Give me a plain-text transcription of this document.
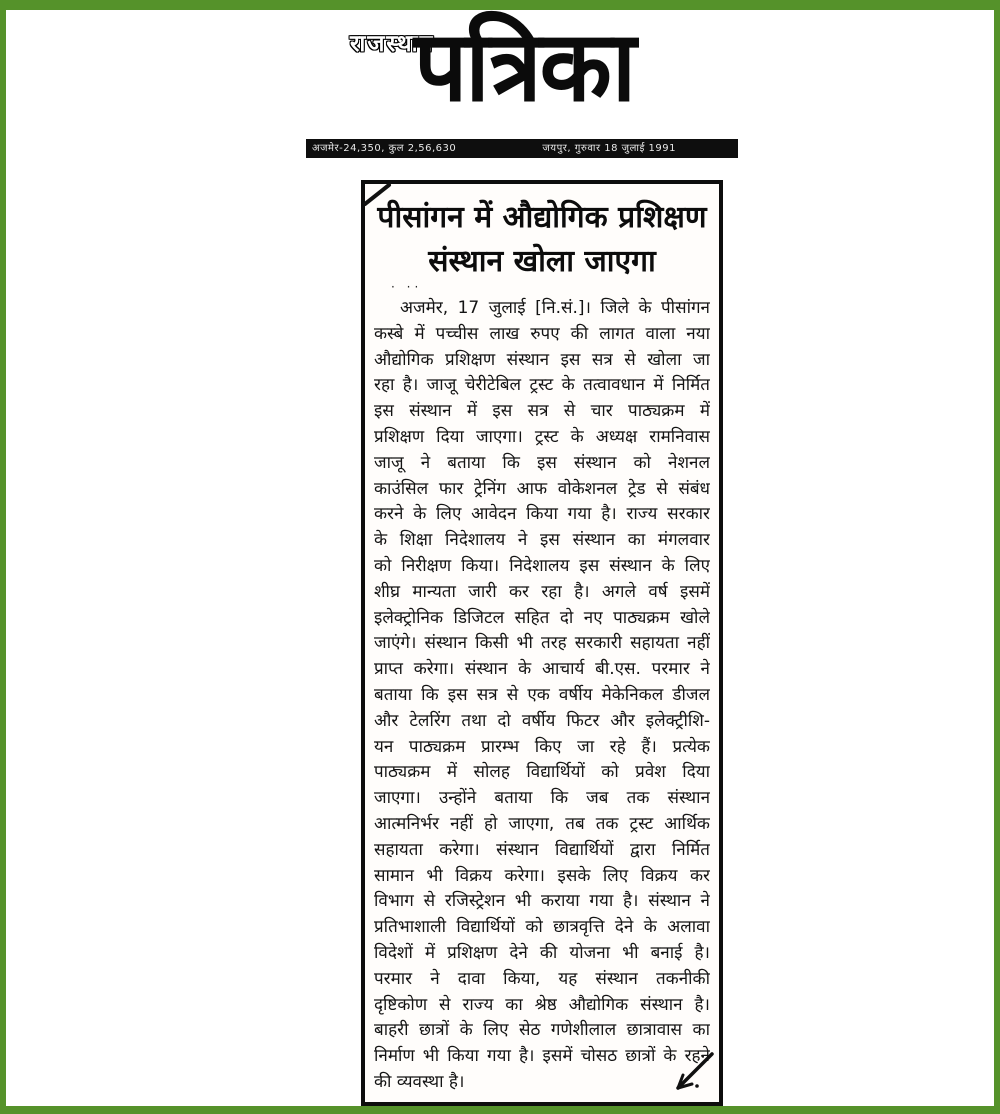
राजस्थान
पत्रिका
अजमेर-24,350, कुल 2,56,630	जयपुर, गुरुवार 18 जुलाई 1991
पीसांगन में औद्योगिक प्रशिक्षण
संस्थान खोला जाएगा
अजमेर, 17 जुलाई [नि.सं.]। जिले के पीसांगन
कस्बे में पच्चीस लाख रुपए की लागत वाला नया
औद्योगिक प्रशिक्षण संस्थान इस सत्र से खोला जा
रहा है। जाजू चेरीटेबिल ट्रस्ट के तत्वावधान में निर्मित
इस संस्थान में इस सत्र से चार पाठ्यक्रम में
प्रशिक्षण दिया जाएगा। ट्रस्ट के अध्यक्ष रामनिवास
जाजू ने बताया कि इस संस्थान को नेशनल
काउंसिल फार ट्रेनिंग आफ वोकेशनल ट्रेड से संबंध
करने के लिए आवेदन किया गया है। राज्य सरकार
के शिक्षा निदेशालय ने इस संस्थान का मंगलवार
को निरीक्षण किया। निदेशालय इस संस्थान के लिए
शीघ्र मान्यता जारी कर रहा है। अगले वर्ष इसमें
इलेक्ट्रोनिक डिजिटल सहित दो नए पाठ्यक्रम खोले
जाएंगे। संस्थान किसी भी तरह सरकारी सहायता नहीं
प्राप्त करेगा। संस्थान के आचार्य बी.एस. परमार ने
बताया कि इस सत्र से एक वर्षीय मेकेनिकल डीजल
और टेलरिंग तथा दो वर्षीय फिटर और इलेक्ट्रीशि-
यन पाठ्यक्रम प्रारम्भ किए जा रहे हैं। प्रत्येक
पाठ्यक्रम में सोलह विद्यार्थियों को प्रवेश दिया
जाएगा। उन्होंने बताया कि जब तक संस्थान
आत्मनिर्भर नहीं हो जाएगा, तब तक ट्रस्ट आर्थिक
सहायता करेगा। संस्थान विद्यार्थियों द्वारा निर्मित
सामान भी विक्रय करेगा। इसके लिए विक्रय कर
विभाग से रजिस्ट्रेशन भी कराया गया है। संस्थान ने
प्रतिभाशाली विद्यार्थियों को छात्रवृत्ति देने के अलावा
विदेशों में प्रशिक्षण देने की योजना भी बनाई है।
परमार ने दावा किया, यह संस्थान तकनीकी
दृष्टिकोण से राज्य का श्रेष्ठ औद्योगिक संस्थान है।
बाहरी छात्रों के लिए सेठ गणेशीलाल छात्रावास का
निर्माण भी किया गया है। इसमें चोसठ छात्रों के रहने
की व्यवस्था है।
· ··
